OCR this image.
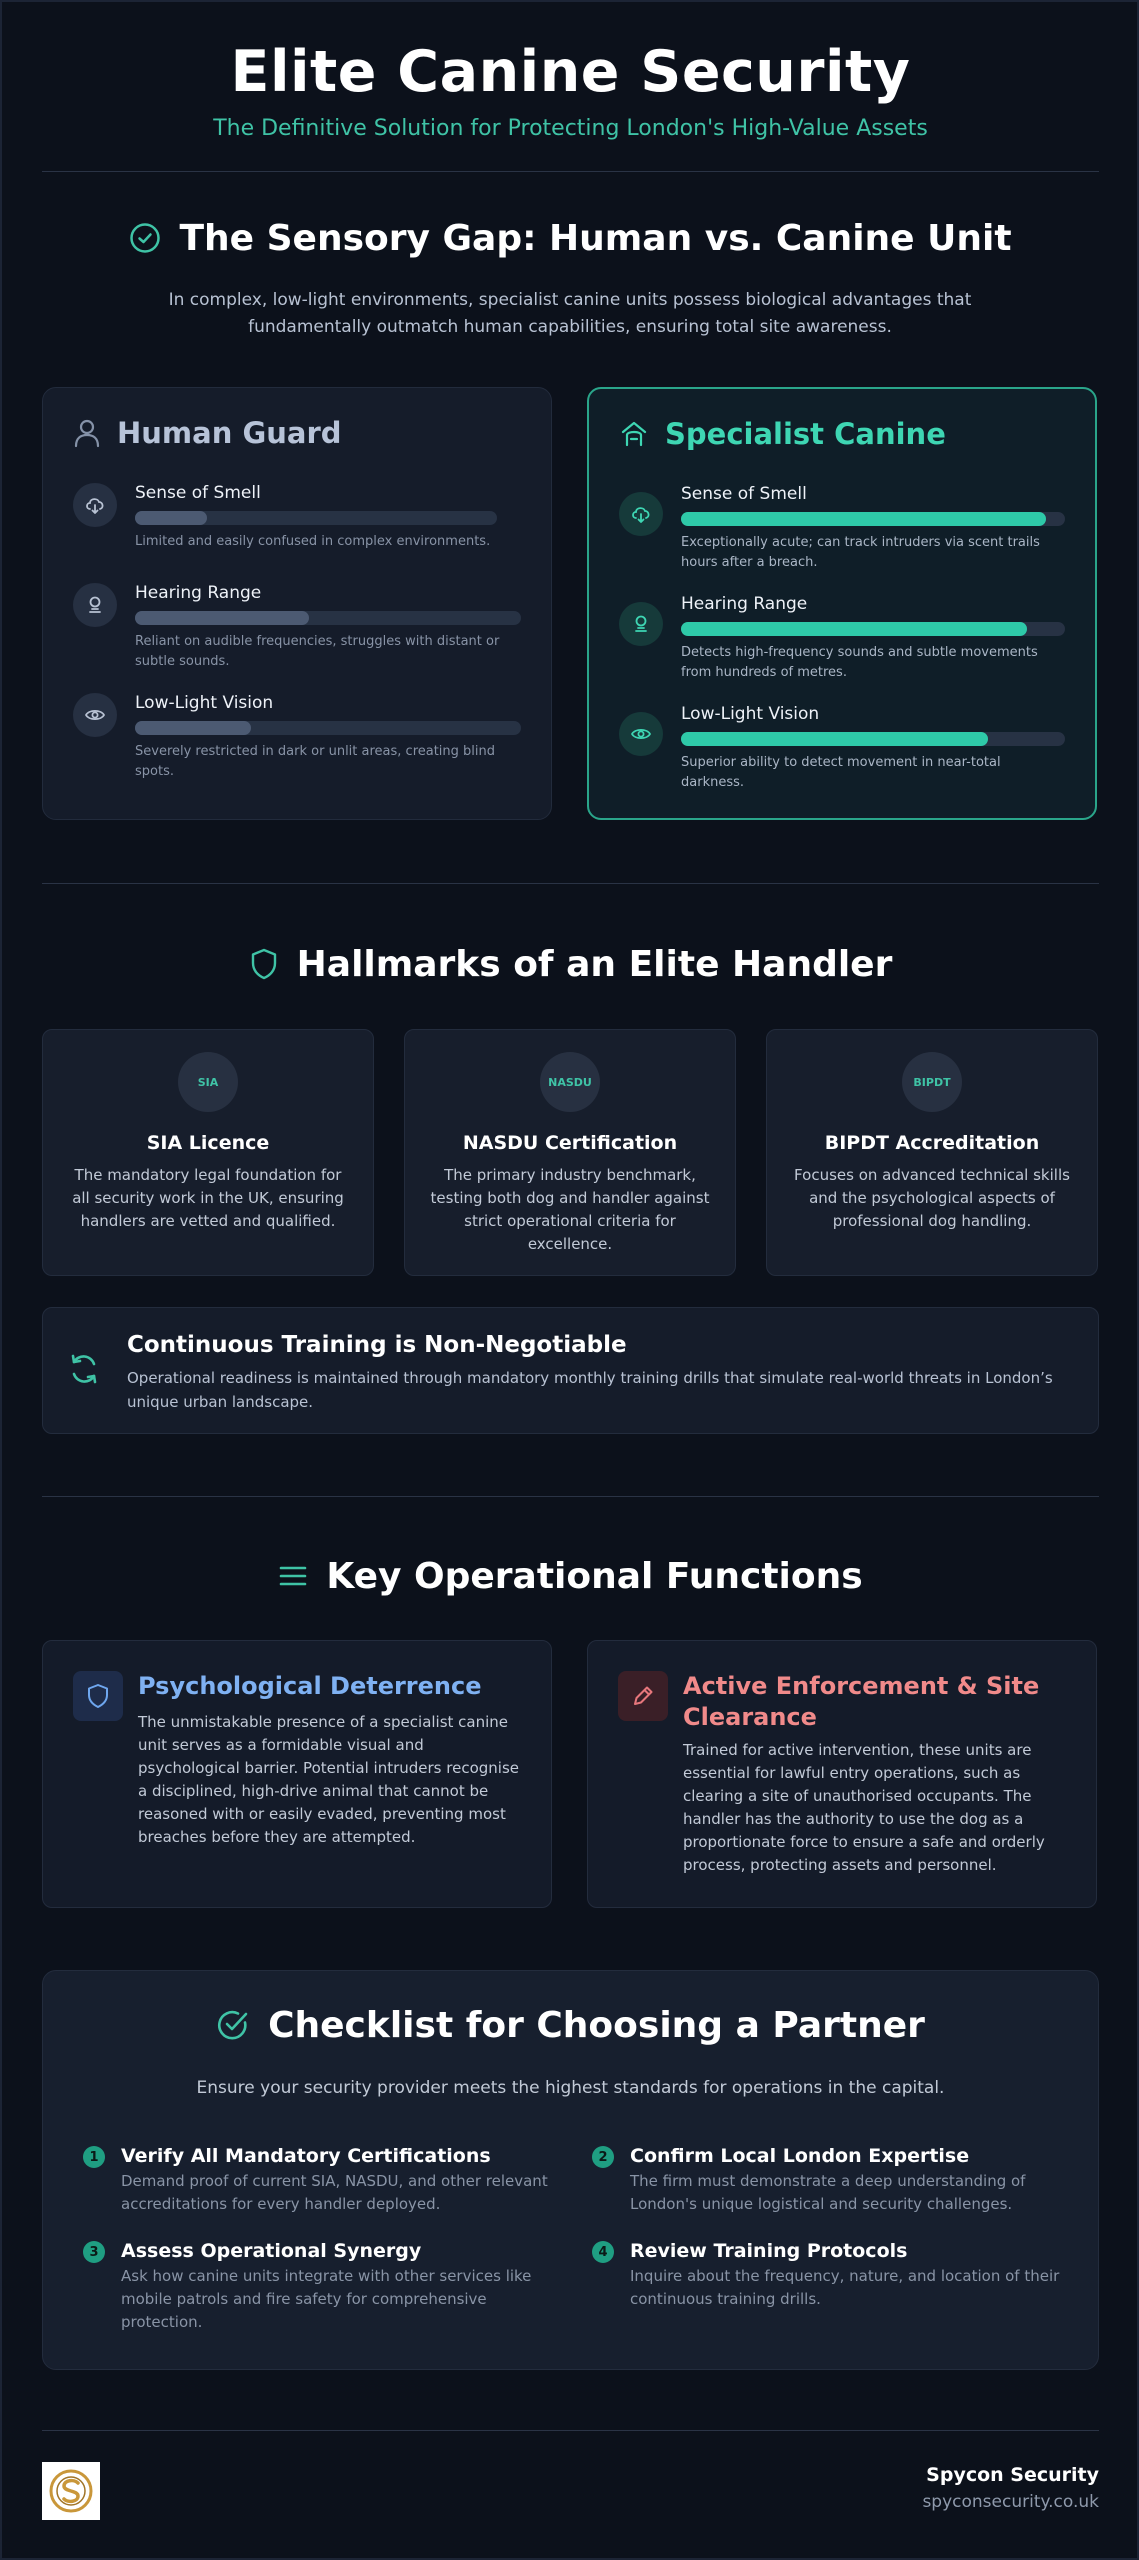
Elite Canine Security
The Definitive Solution for Protecting London's High-Value Assets
The Sensory Gap: Human vs. Canine Unit
In complex, low-light environments, specialist canine units possess biological advantages that fundamentally outmatch human capabilities, ensuring total site awareness.
Human Guard
Sense of Smell
Limited and easily confused in complex environments.
Hearing Range
Reliant on audible frequencies, struggles with distant or subtle sounds.
Low-Light Vision
Severely restricted in dark or unlit areas, creating blind spots.
Specialist Canine
Sense of Smell
Exceptionally acute; can track intruders via scent trails hours after a breach.
Hearing Range
Detects high-frequency sounds and subtle movements from hundreds of metres.
Low-Light Vision
Superior ability to detect movement in near-total darkness.
Hallmarks of an Elite Handler
SIA
SIA Licence
The mandatory legal foundation for all security work in the UK, ensuring handlers are vetted and qualified.
NASDU
NASDU Certification
The primary industry benchmark, testing both dog and handler against strict operational criteria for excellence.
BIPDT
BIPDT Accreditation
Focuses on advanced technical skills and the psychological aspects of professional dog handling.
Continuous Training is Non-Negotiable
Operational readiness is maintained through mandatory monthly training drills that simulate real-world threats in London’s unique urban landscape.
Key Operational Functions
Psychological Deterrence
The unmistakable presence of a specialist canine unit serves as a formidable visual and psychological barrier. Potential intruders recognise a disciplined, high-drive animal that cannot be reasoned with or easily evaded, preventing most breaches before they are attempted.
Active Enforcement & Site Clearance
Trained for active intervention, these units are essential for lawful entry operations, such as clearing a site of unauthorised occupants. The handler has the authority to use the dog as a proportionate force to ensure a safe and orderly process, protecting assets and personnel.
Checklist for Choosing a Partner
Ensure your security provider meets the highest standards for operations in the capital.
1	Verify All Mandatory Certifications
Demand proof of current SIA, NASDU, and other relevant accreditations for every handler deployed.
2	Confirm Local London Expertise
The firm must demonstrate a deep understanding of London's unique logistical and security challenges.
3	Assess Operational Synergy
Ask how canine units integrate with other services like mobile patrols and fire safety for comprehensive protection.
4	Review Training Protocols
Inquire about the frequency, nature, and location of their continuous training drills.
Spycon Security
spyconsecurity.co.uk
